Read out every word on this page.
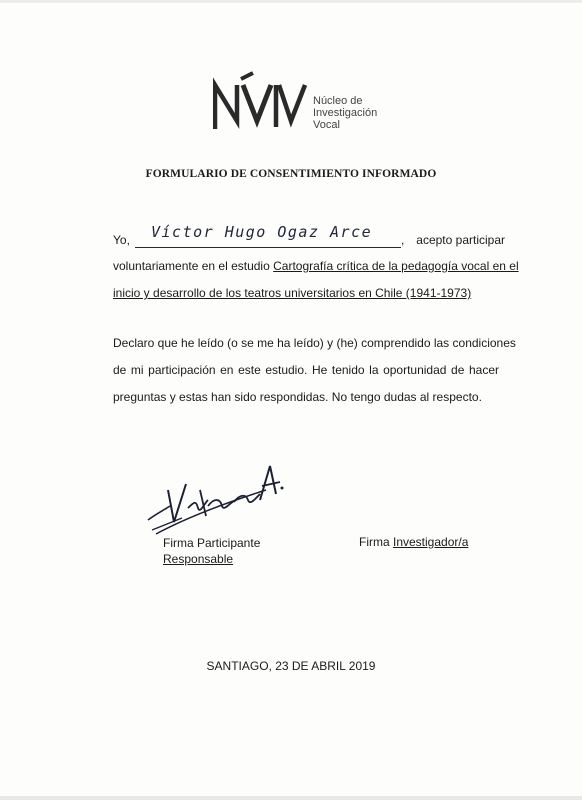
Núcleo de
Investigación
Vocal
FORMULARIO DE CONSENTIMIENTO INFORMADO
Yo, Víctor Hugo Ogaz Arce , acepto participar
voluntariamente en el estudio Cartografía crítica de la pedagogía vocal en el
inicio y desarrollo de los teatros universitarios en Chile (1941-1973)
Declaro que he leído (o se me ha leído) y (he) comprendido las condiciones
de mi participación en este estudio. He tenido la oportunidad de hacer
preguntas y estas han sido respondidas. No tengo dudas al respecto.
Firma Participante
Responsable
Firma Investigador/a
SANTIAGO, 23 DE ABRIL 2019
